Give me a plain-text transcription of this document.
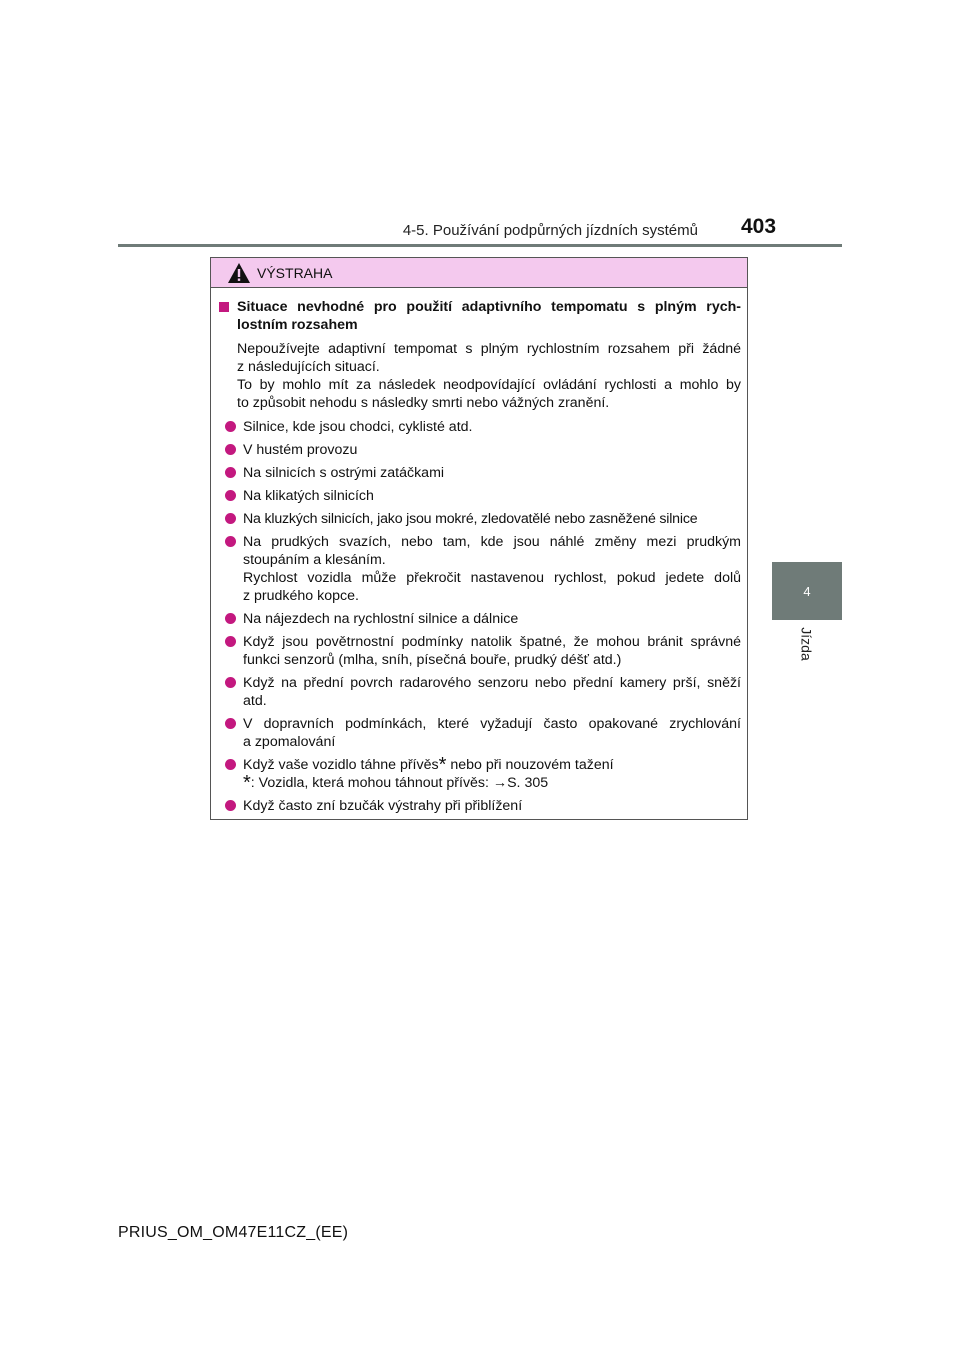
4-5. Používání podpůrných jízdních systémů 403
4
Jízda
VÝSTRAHA
Situace nevhodné pro použití adaptivního tempomatu s plným rych-
lostním rozsahem
Nepoužívejte adaptivní tempomat s plným rychlostním rozsahem při žádné
z následujících situací.
To by mohlo mít za následek neodpovídající ovládání rychlosti a mohlo by
to způsobit nehodu s následky smrti nebo vážných zranění.
Silnice, kde jsou chodci, cyklisté atd.
V hustém provozu
Na silnicích s ostrými zatáčkami
Na klikatých silnicích
Na kluzkých silnicích, jako jsou mokré, zledovatělé nebo zasněžené silnice
Na prudkých svazích, nebo tam, kde jsou náhlé změny mezi prudkým
stoupáním a klesáním.
Rychlost vozidla může překročit nastavenou rychlost, pokud jedete dolů
z prudkého kopce.
Na nájezdech na rychlostní silnice a dálnice
Když jsou povětrnostní podmínky natolik špatné, že mohou bránit správné
funkci senzorů (mlha, sníh, písečná bouře, prudký déšť atd.)
Když na přední povrch radarového senzoru nebo přední kamery prší, sněží
atd.
V dopravních podmínkách, které vyžadují často opakované zrychlování
a zpomalování
Když vaše vozidlo táhne přívěs* nebo při nouzovém tažení
*: Vozidla, která mohou táhnout přívěs: →S. 305
Když často zní bzučák výstrahy při přiblížení
PRIUS_OM_OM47E11CZ_(EE)
